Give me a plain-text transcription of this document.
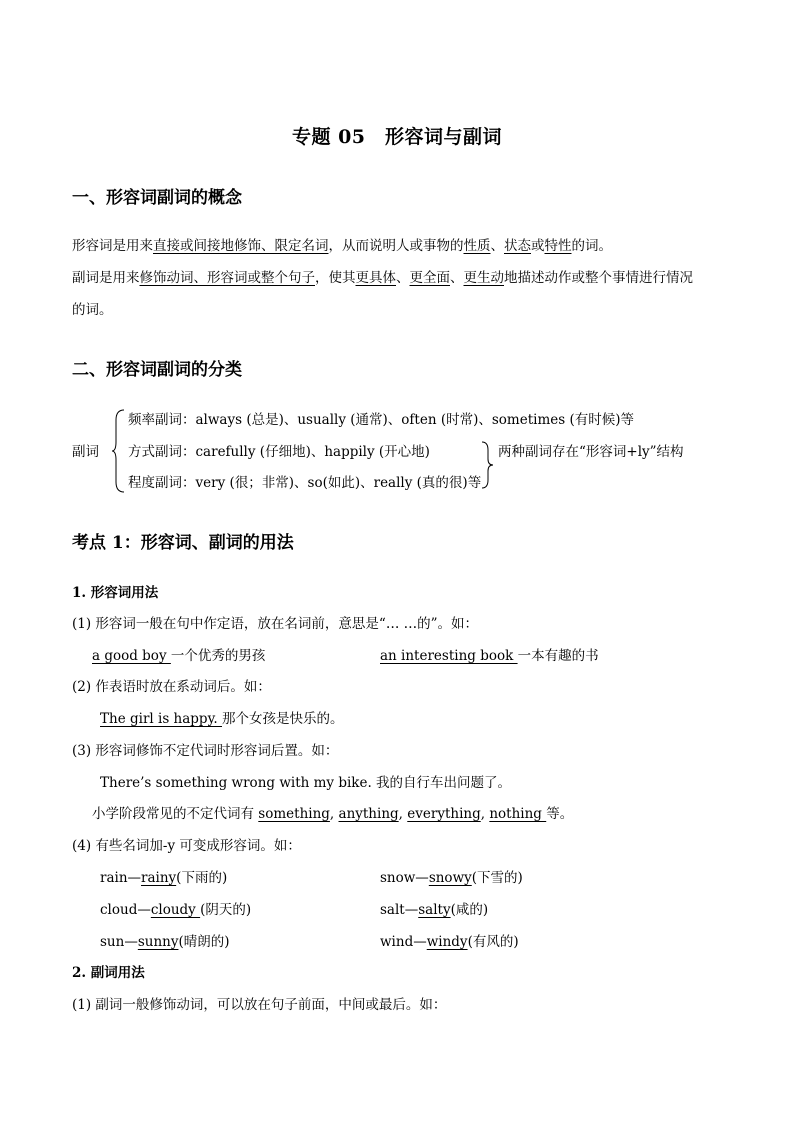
专题 05　形容词与副词
一、形容词副词的概念
形容词是用来直接或间接地修饰、限定名词，从而说明人或事物的性质、状态或特性的词。
副词是用来修饰动词、形容词或整个句子，使其更具体、更全面、更生动地描述动作或整个事情进行情况
的词。
二、形容词副词的分类
副词
频率副词：always (总是)、usually (通常)、often (时常)、sometimes (有时候)等
方式副词：carefully (仔细地)、happily (开心地)
程度副词：very (很；非常)、so(如此)、really (真的很)等
两种副词存在“形容词+ly”结构
考点 1：形容词、副词的用法
1. 形容词用法
(1) 形容词一般在句中作定语，放在名词前，意思是“… …的”。如：
a good boy 一个优秀的男孩	an interesting book 一本有趣的书
(2) 作表语时放在系动词后。如：
The girl is happy. 那个女孩是快乐的。
(3) 形容词修饰不定代词时形容词后置。如：
There’s something wrong with my bike. 我的自行车出问题了。
小学阶段常见的不定代词有 something, anything, everything, nothing 等。
(4) 有些名词加-y 可变成形容词。如：
rain—rainy(下雨的)	snow—snowy(下雪的)
cloud—cloudy (阴天的)	salt—salty(咸的)
sun—sunny(晴朗的)	wind—windy(有风的)
2. 副词用法
(1) 副词一般修饰动词，可以放在句子前面，中间或最后。如：
